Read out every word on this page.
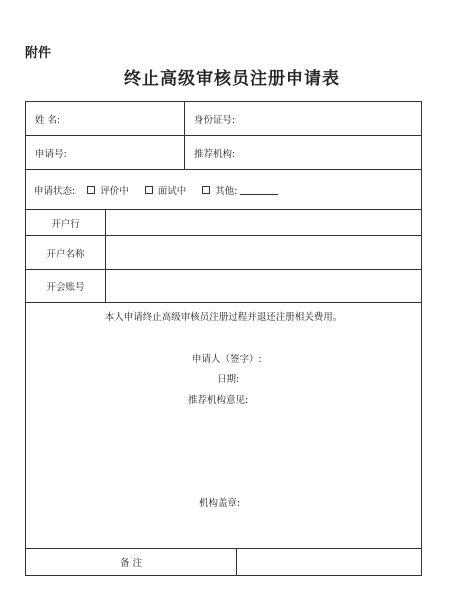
附件
终止高级审核员注册申请表
姓 名:	身份证号:
申请号:	推荐机构:
申请状态:	评价中	面试中	其他:
开户行
开户名称
开会账号
本人申请终止高级审核员注册过程并退还注册相关费用。
申请人（签字）:
日期:
推荐机构意见:
机构盖章:
备 注
